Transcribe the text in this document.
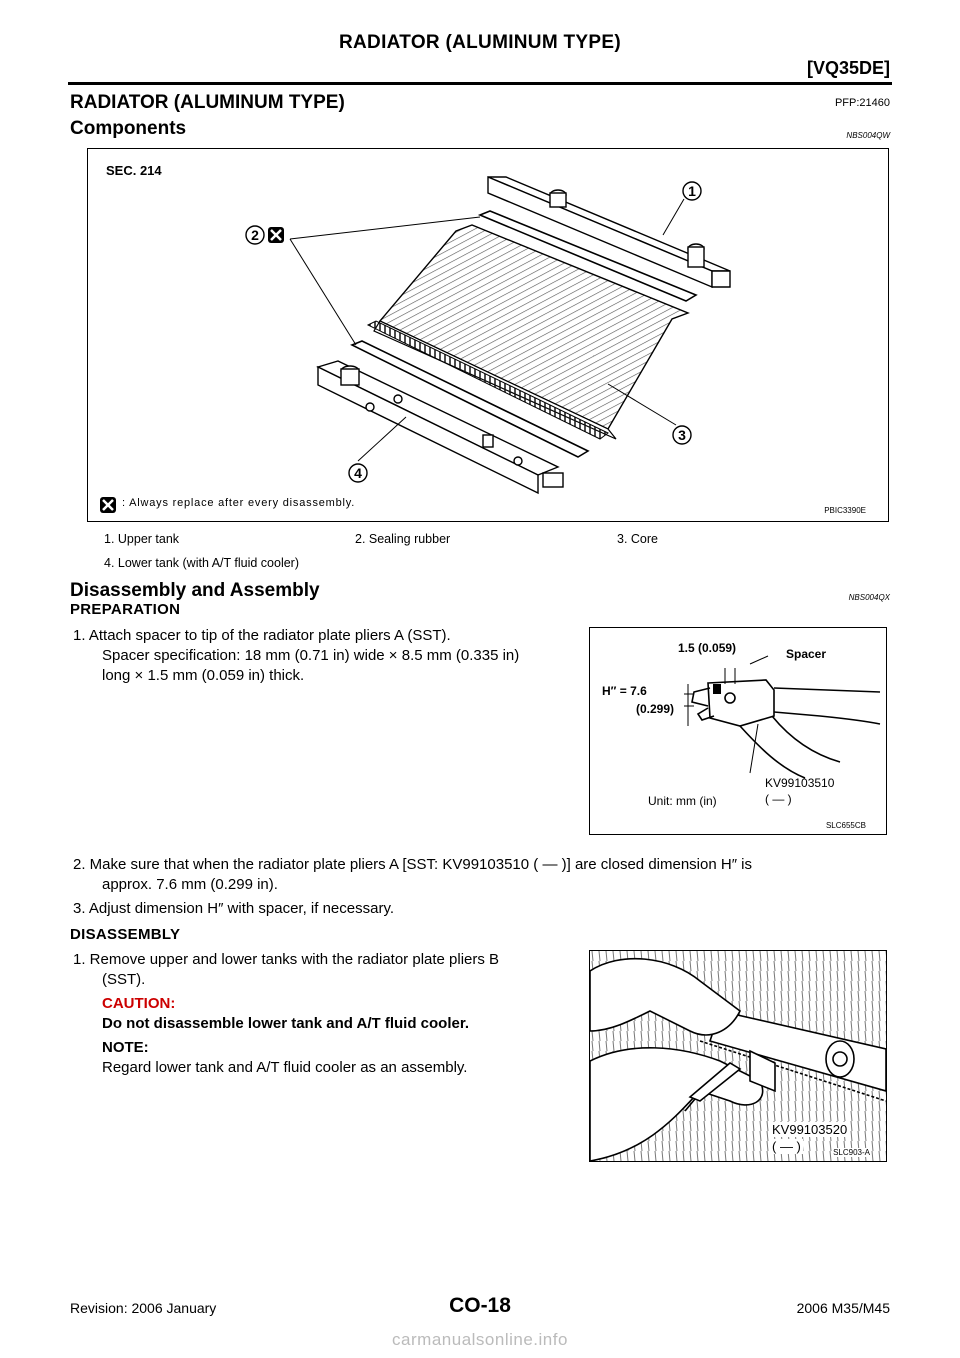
RADIATOR (ALUMINUM TYPE)
[VQ35DE]
RADIATOR (ALUMINUM TYPE)	PFP:21460
Components	NBS004QW
1
2
3
4
SEC. 214
: Always replace after every disassembly.
PBIC3390E
1. Upper tank	2. Sealing rubber	3. Core
4. Lower tank (with A/T fluid cooler)
Disassembly and Assembly	NBS004QX
PREPARATION
1. Attach spacer to tip of the radiator plate pliers A (SST).
Spacer specification: 18 mm (0.71 in) wide × 8.5 mm (0.335 in)
long × 1.5 mm (0.059 in) thick.
1.5 (0.059)	Spacer
H″ = 7.6
(0.299)
KV99103510
( — )
Unit: mm (in)
SLC655CB
2. Make sure that when the radiator plate pliers A [SST: KV99103510 ( — )] are closed dimension H″ is
approx. 7.6 mm (0.299 in).
3. Adjust dimension H″ with spacer, if necessary.
DISASSEMBLY
1. Remove upper and lower tanks with the radiator plate pliers B
(SST).
CAUTION:
Do not disassemble lower tank and A/T fluid cooler.
NOTE:
Regard lower tank and A/T fluid cooler as an assembly.
KV99103520
( — )	SLC903-A
Revision: 2006 January	CO-18	2006 M35/M45
carmanualsonline.info
